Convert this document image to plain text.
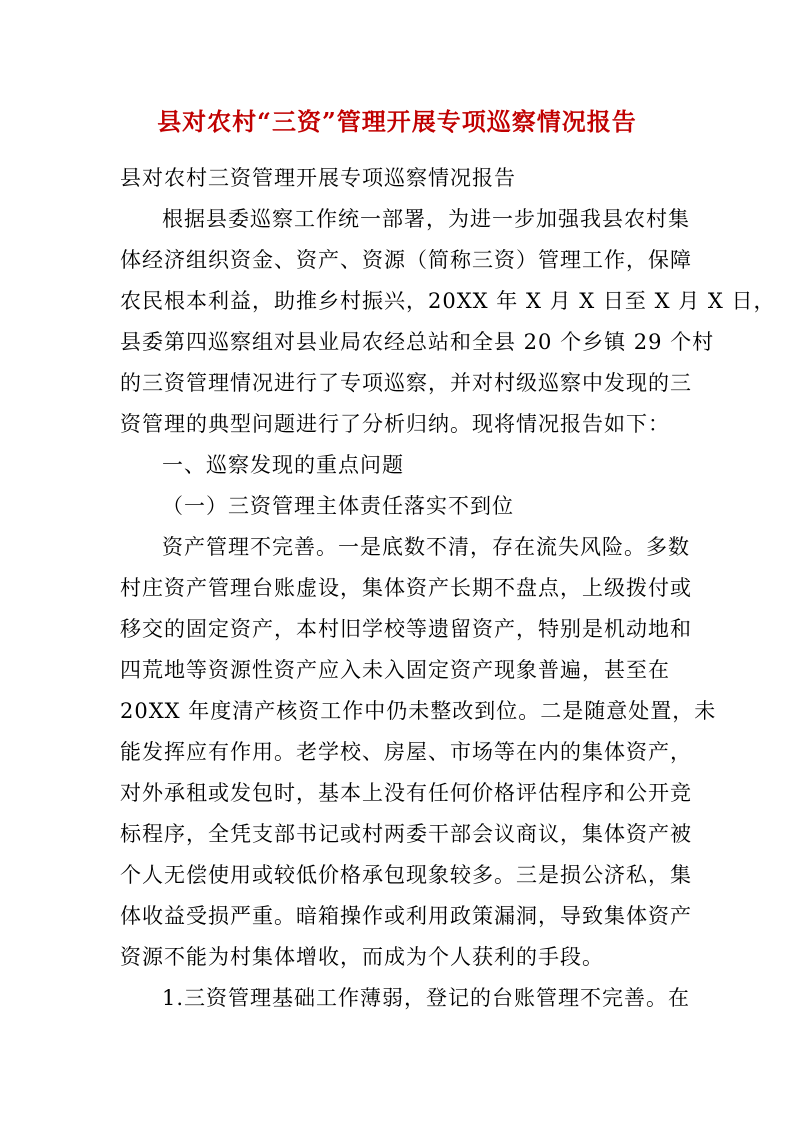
县对农村“三资”管理开展专项巡察情况报告
县对农村三资管理开展专项巡察情况报告
根据县委巡察工作统一部署，为进一步加强我县农村集
体经济组织资金、资产、资源（简称三资）管理工作，保障
农民根本利益，助推乡村振兴，20XX 年 X 月 X 日至 X 月 X 日，
县委第四巡察组对县业局农经总站和全县 20 个乡镇 29 个村
的三资管理情况进行了专项巡察，并对村级巡察中发现的三
资管理的典型问题进行了分析归纳。现将情况报告如下：
一、巡察发现的重点问题
（一）三资管理主体责任落实不到位
资产管理不完善。一是底数不清，存在流失风险。多数
村庄资产管理台账虚设，集体资产长期不盘点，上级拨付或
移交的固定资产，本村旧学校等遗留资产，特别是机动地和
四荒地等资源性资产应入未入固定资产现象普遍，甚至在
20XX 年度清产核资工作中仍未整改到位。二是随意处置，未
能发挥应有作用。老学校、房屋、市场等在内的集体资产，
对外承租或发包时，基本上没有任何价格评估程序和公开竞
标程序，全凭支部书记或村两委干部会议商议，集体资产被
个人无偿使用或较低价格承包现象较多。三是损公济私，集
体收益受损严重。暗箱操作或利用政策漏洞，导致集体资产
资源不能为村集体增收，而成为个人获利的手段。
1.三资管理基础工作薄弱，登记的台账管理不完善。在
